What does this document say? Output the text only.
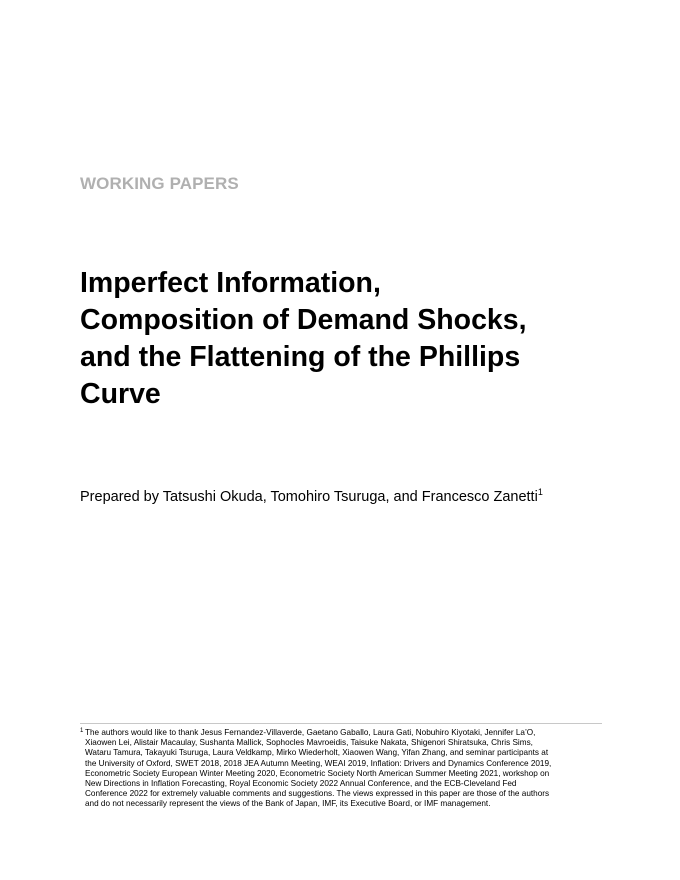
WORKING PAPERS

Imperfect Information,
Composition of Demand Shocks,
and the Flattening of the Phillips
Curve

Prepared by Tatsushi Okuda, Tomohiro Tsuruga, and Francesco Zanetti$^1$

1 The authors would like to thank Jesus Fernandez-Villaverde, Gaetano Gaballo, Laura Gati, Nobuhiro Kiyotaki, Jennifer La’O,
Xiaowen Lei, Alistair Macaulay, Sushanta Mallick, Sophocles Mavroeidis, Taisuke Nakata, Shigenori Shiratsuka, Chris Sims,
Wataru Tamura, Takayuki Tsuruga, Laura Veldkamp, Mirko Wiederholt, Xiaowen Wang, Yifan Zhang, and seminar participants at
the University of Oxford, SWET 2018, 2018 JEA Autumn Meeting, WEAI 2019, Inflation: Drivers and Dynamics Conference 2019,
Econometric Society European Winter Meeting 2020, Econometric Society North American Summer Meeting 2021, workshop on
New Directions in Inflation Forecasting, Royal Economic Society 2022 Annual Conference, and the ECB-Cleveland Fed
Conference 2022 for extremely valuable comments and suggestions. The views expressed in this paper are those of the authors
and do not necessarily represent the views of the Bank of Japan, IMF, its Executive Board, or IMF management.
